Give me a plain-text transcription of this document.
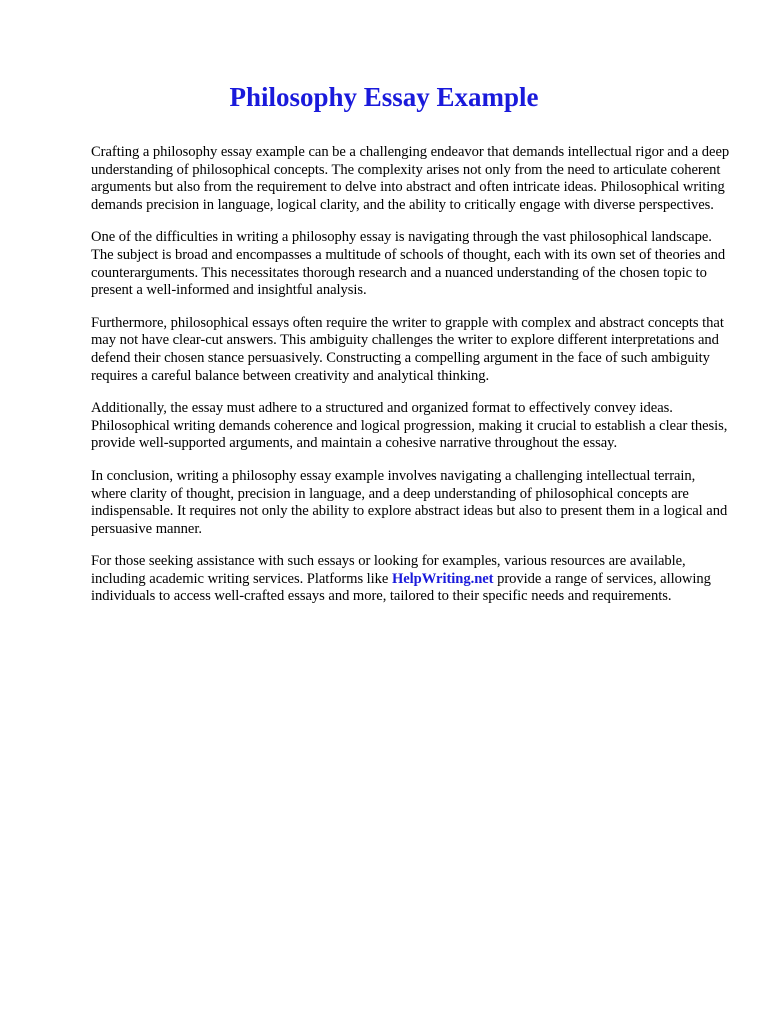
Philosophy Essay Example

Crafting a philosophy essay example can be a challenging endeavor that demands intellectual rigor and a deep understanding of philosophical concepts. The complexity arises not only from the need to articulate coherent arguments but also from the requirement to delve into abstract and often intricate ideas. Philosophical writing demands precision in language, logical clarity, and the ability to critically engage with diverse perspectives.

One of the difficulties in writing a philosophy essay is navigating through the vast philosophical landscape. The subject is broad and encompasses a multitude of schools of thought, each with its own set of theories and counterarguments. This necessitates thorough research and a nuanced understanding of the chosen topic to present a well-informed and insightful analysis.

Furthermore, philosophical essays often require the writer to grapple with complex and abstract concepts that may not have clear-cut answers. This ambiguity challenges the writer to explore different interpretations and defend their chosen stance persuasively. Constructing a compelling argument in the face of such ambiguity requires a careful balance between creativity and analytical thinking.

Additionally, the essay must adhere to a structured and organized format to effectively convey ideas. Philosophical writing demands coherence and logical progression, making it crucial to establish a clear thesis, provide well-supported arguments, and maintain a cohesive narrative throughout the essay.

In conclusion, writing a philosophy essay example involves navigating a challenging intellectual terrain, where clarity of thought, precision in language, and a deep understanding of philosophical concepts are indispensable. It requires not only the ability to explore abstract ideas but also to present them in a logical and persuasive manner.

For those seeking assistance with such essays or looking for examples, various resources are available, including academic writing services. Platforms like HelpWriting.net provide a range of services, allowing individuals to access well-crafted essays and more, tailored to their specific needs and requirements.
